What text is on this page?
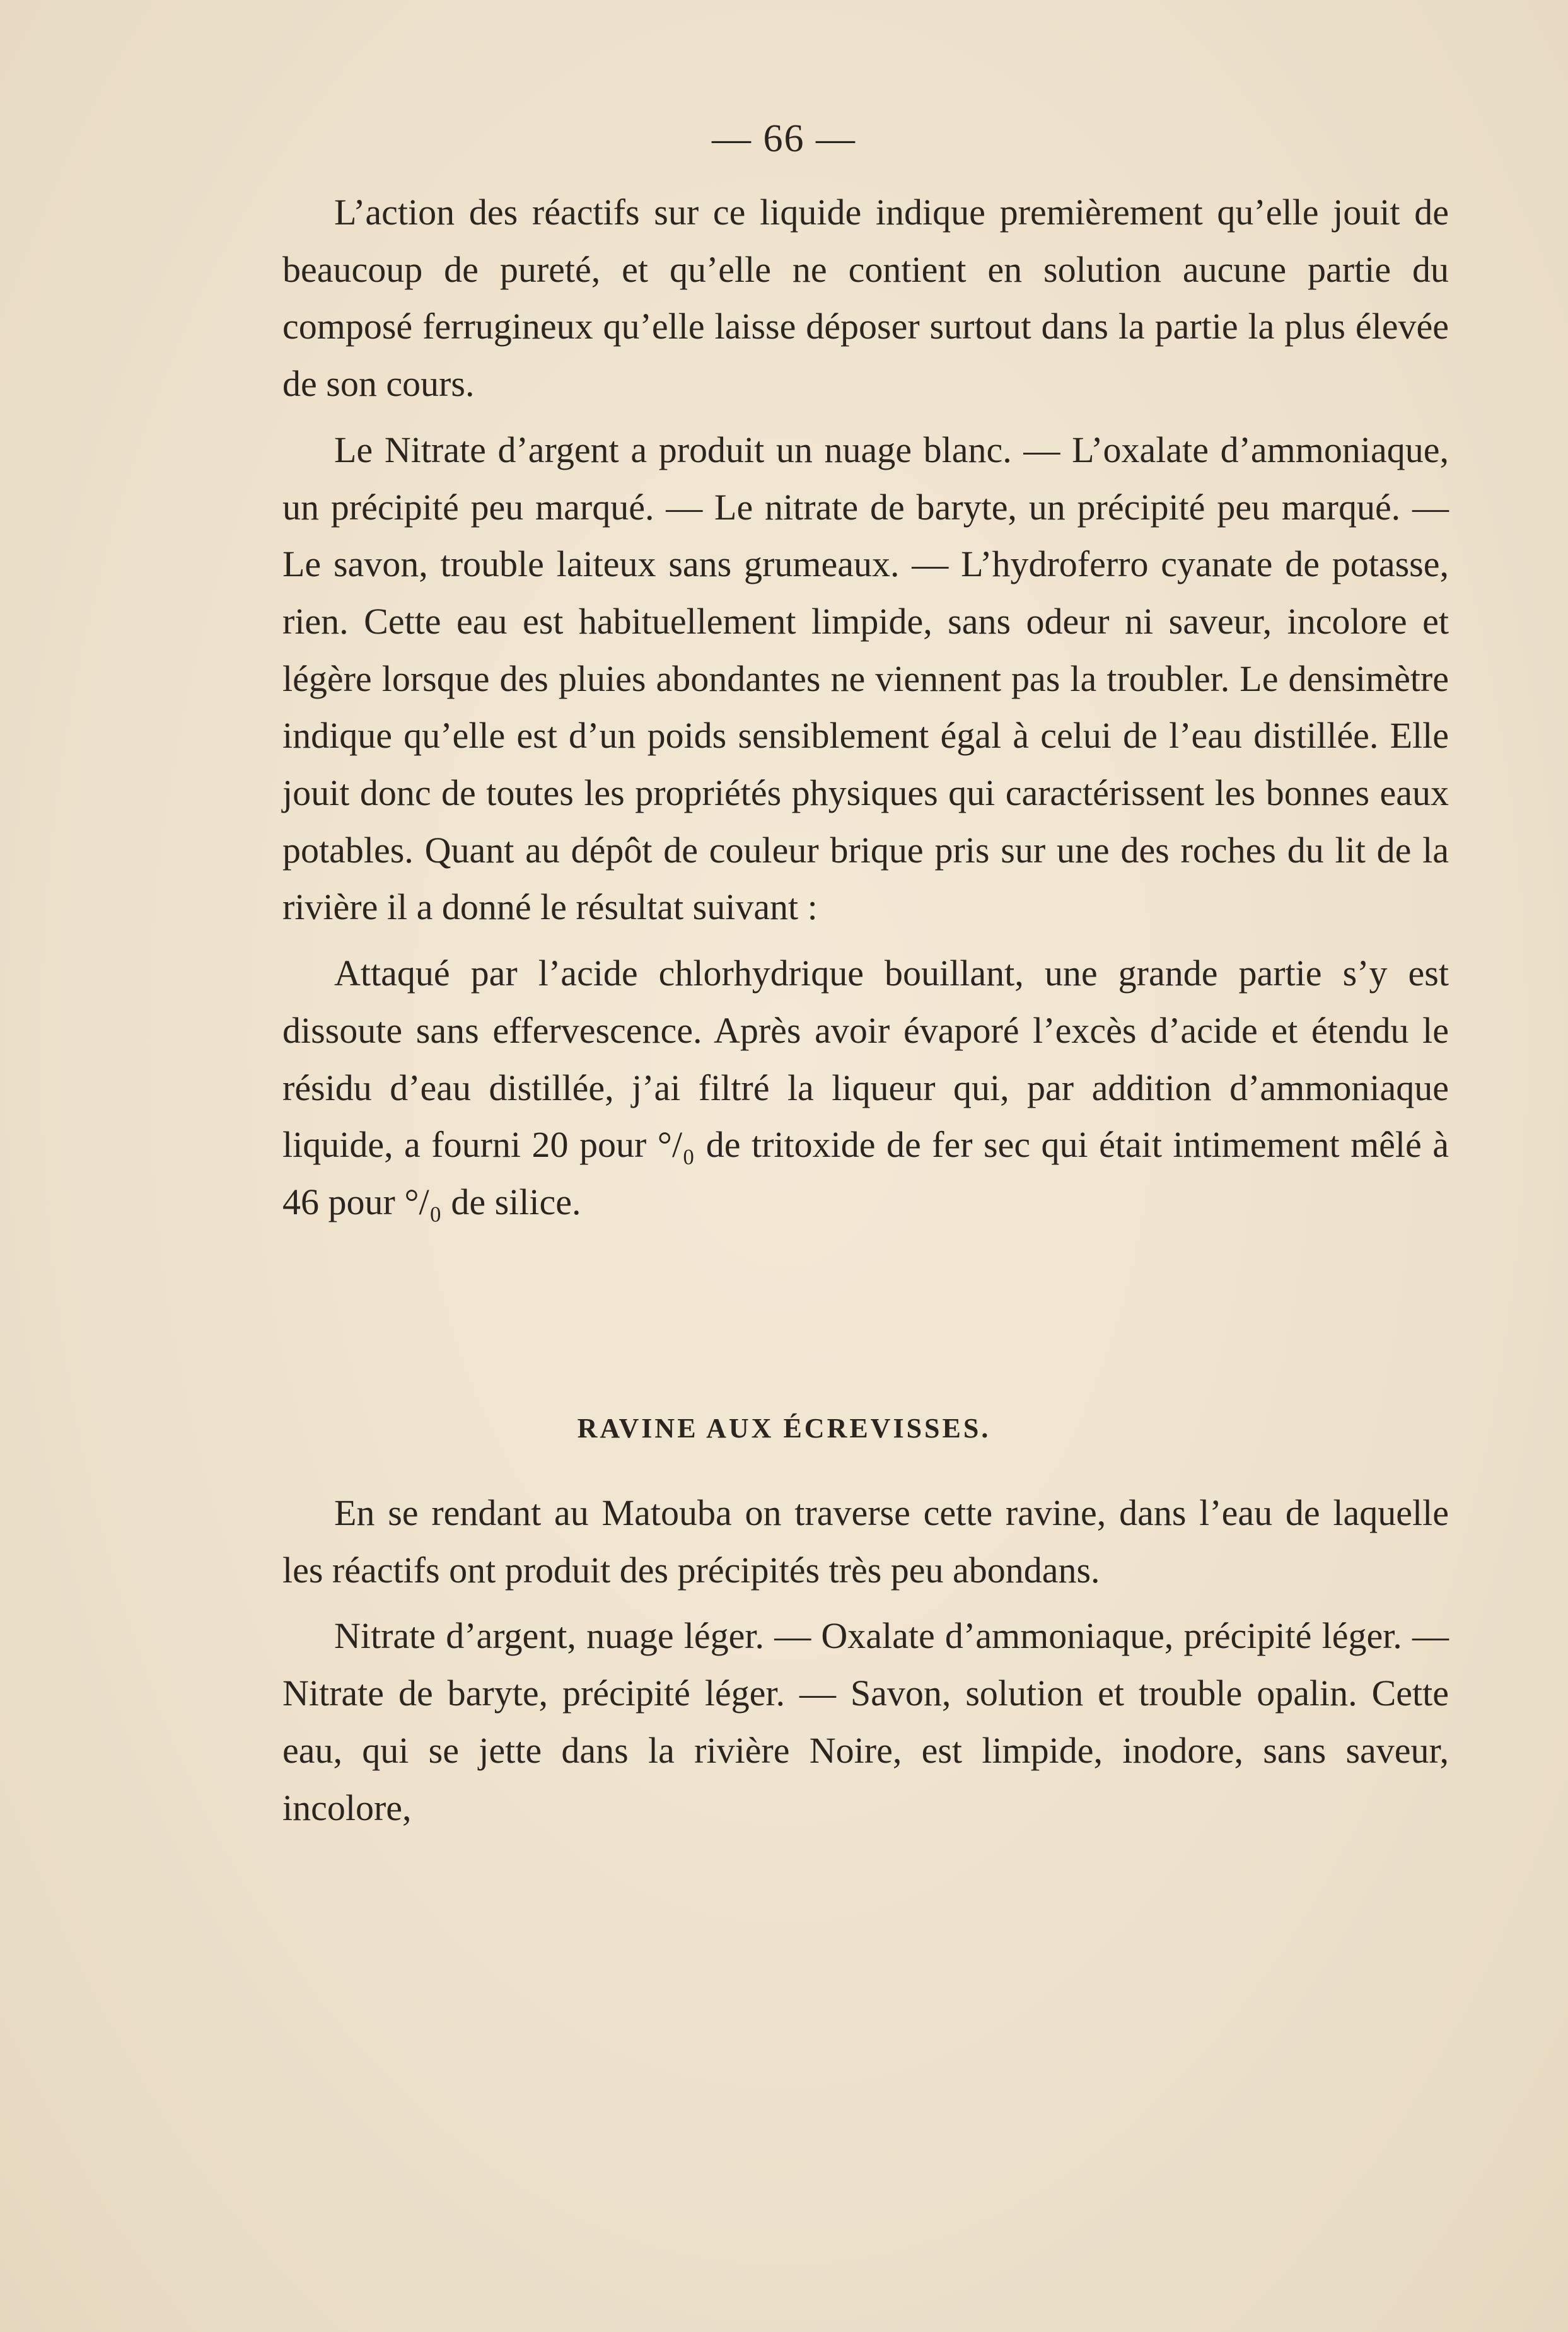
— 66 —

L’action des réactifs sur ce liquide indique premièrement qu’elle jouit de beaucoup de pureté, et qu’elle ne contient en solution aucune partie du composé ferrugineux qu’elle laisse déposer surtout dans la partie la plus élevée de son cours.

Le Nitrate d’argent a produit un nuage blanc. — L’oxalate d’ammoniaque, un précipité peu marqué. — Le nitrate de baryte, un précipité peu marqué. — Le savon, trouble laiteux sans grumeaux. — L’hydroferro cyanate de potasse, rien. Cette eau est habituellement limpide, sans odeur ni saveur, incolore et légère lorsque des pluies abondantes ne viennent pas la troubler. Le densimètre indique qu’elle est d’un poids sensiblement égal à celui de l’eau distillée. Elle jouit donc de toutes les propriétés physiques qui caractérissent les bonnes eaux potables. Quant au dépôt de couleur brique pris sur une des roches du lit de la rivière il a donné le résultat suivant :

Attaqué par l’acide chlorhydrique bouillant, une grande partie s’y est dissoute sans effervescence. Après avoir évaporé l’excès d’acide et étendu le résidu d’eau distillée, j’ai filtré la liqueur qui, par addition d’ammoniaque liquide, a fourni 20 pour °/₀ de tritoxide de fer sec qui était intimement mêlé à 46 pour °/₀ de silice.

RAVINE AUX ÉCREVISSES.

En se rendant au Matouba on traverse cette ravine, dans l’eau de laquelle les réactifs ont produit des précipités très peu abondans.

Nitrate d’argent, nuage léger. — Oxalate d’ammoniaque, précipité léger. — Nitrate de baryte, précipité léger. — Savon, solution et trouble opalin. Cette eau, qui se jette dans la rivière Noire, est limpide, inodore, sans saveur, incolore,
